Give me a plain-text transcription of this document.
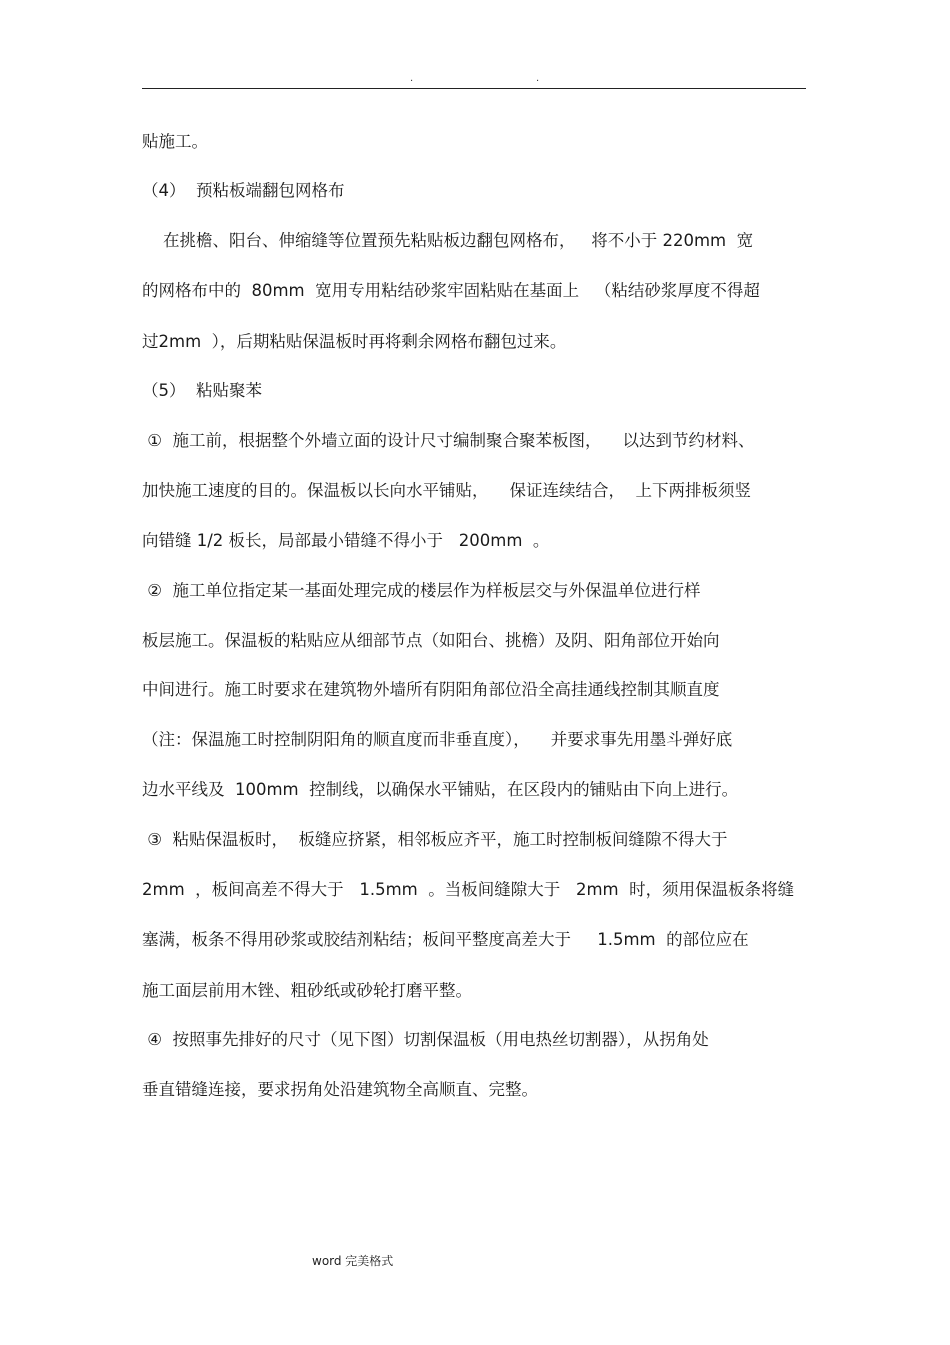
.	.
贴施工。
（4）  预粘板端翻包网格布
在挑檐、阳台、伸缩缝等位置预先粘贴板边翻包网格布，   将不小于 220mm  宽
的网格布中的  80mm  宽用专用粘结砂浆牢固粘贴在基面上   （粘结砂浆厚度不得超
过2mm  ），后期粘贴保温板时再将剩余网格布翻包过来。
（5）  粘贴聚苯
①  施工前，根据整个外墙立面的设计尺寸编制聚合聚苯板图，    以达到节约材料、
加快施工速度的目的。保温板以长向水平铺贴，    保证连续结合，  上下两排板须竖
向错缝 1/2 板长，局部最小错缝不得小于   200mm  。
②  施工单位指定某一基面处理完成的楼层作为样板层交与外保温单位进行样
板层施工。保温板的粘贴应从细部节点（如阳台、挑檐）及阴、阳角部位开始向
中间进行。施工时要求在建筑物外墙所有阴阳角部位沿全高挂通线控制其顺直度
（注：保温施工时控制阴阳角的顺直度而非垂直度），    并要求事先用墨斗弹好底
边水平线及  100mm  控制线，以确保水平铺贴，在区段内的铺贴由下向上进行。
③  粘贴保温板时，  板缝应挤紧，相邻板应齐平，施工时控制板间缝隙不得大于
2mm  ，板间高差不得大于   1.5mm  。当板间缝隙大于   2mm  时，须用保温板条将缝
塞满，板条不得用砂浆或胶结剂粘结；板间平整度高差大于     1.5mm  的部位应在
施工面层前用木锉、粗砂纸或砂轮打磨平整。
④  按照事先排好的尺寸（见下图）切割保温板（用电热丝切割器），从拐角处
垂直错缝连接，要求拐角处沿建筑物全高顺直、完整。
word 完美格式
